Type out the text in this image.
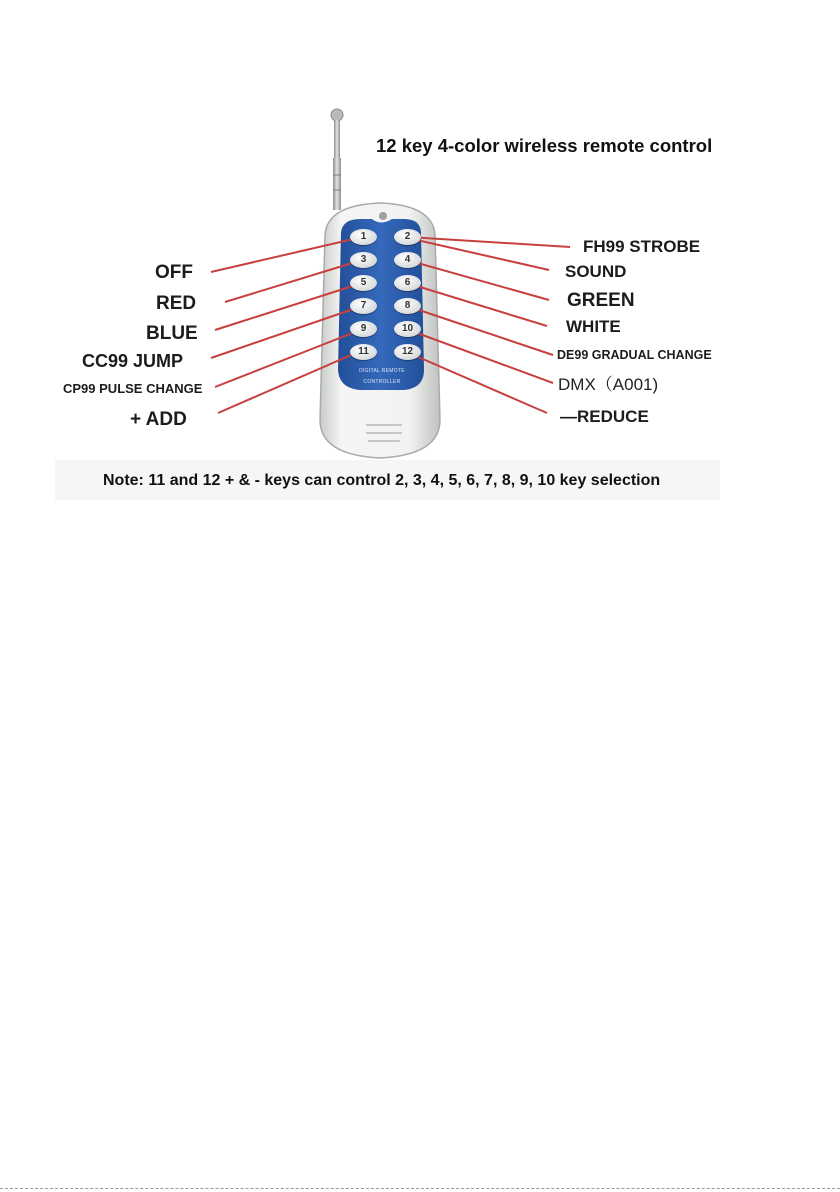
1	2
3	4
5	6
7	8
9	10
11	12
12 key 4-color wireless remote control
DIGITAL REMOTE
CONTROLLER
OFF
RED
BLUE
CC99 JUMP
CP99 PULSE CHANGE
+ ADD
FH99 STROBE
SOUND
GREEN
WHITE
DE99 GRADUAL CHANGE
DMX（A001)
—REDUCE
Note: 11 and 12 + & - keys can control 2, 3, 4, 5, 6, 7, 8, 9, 10 key selection
